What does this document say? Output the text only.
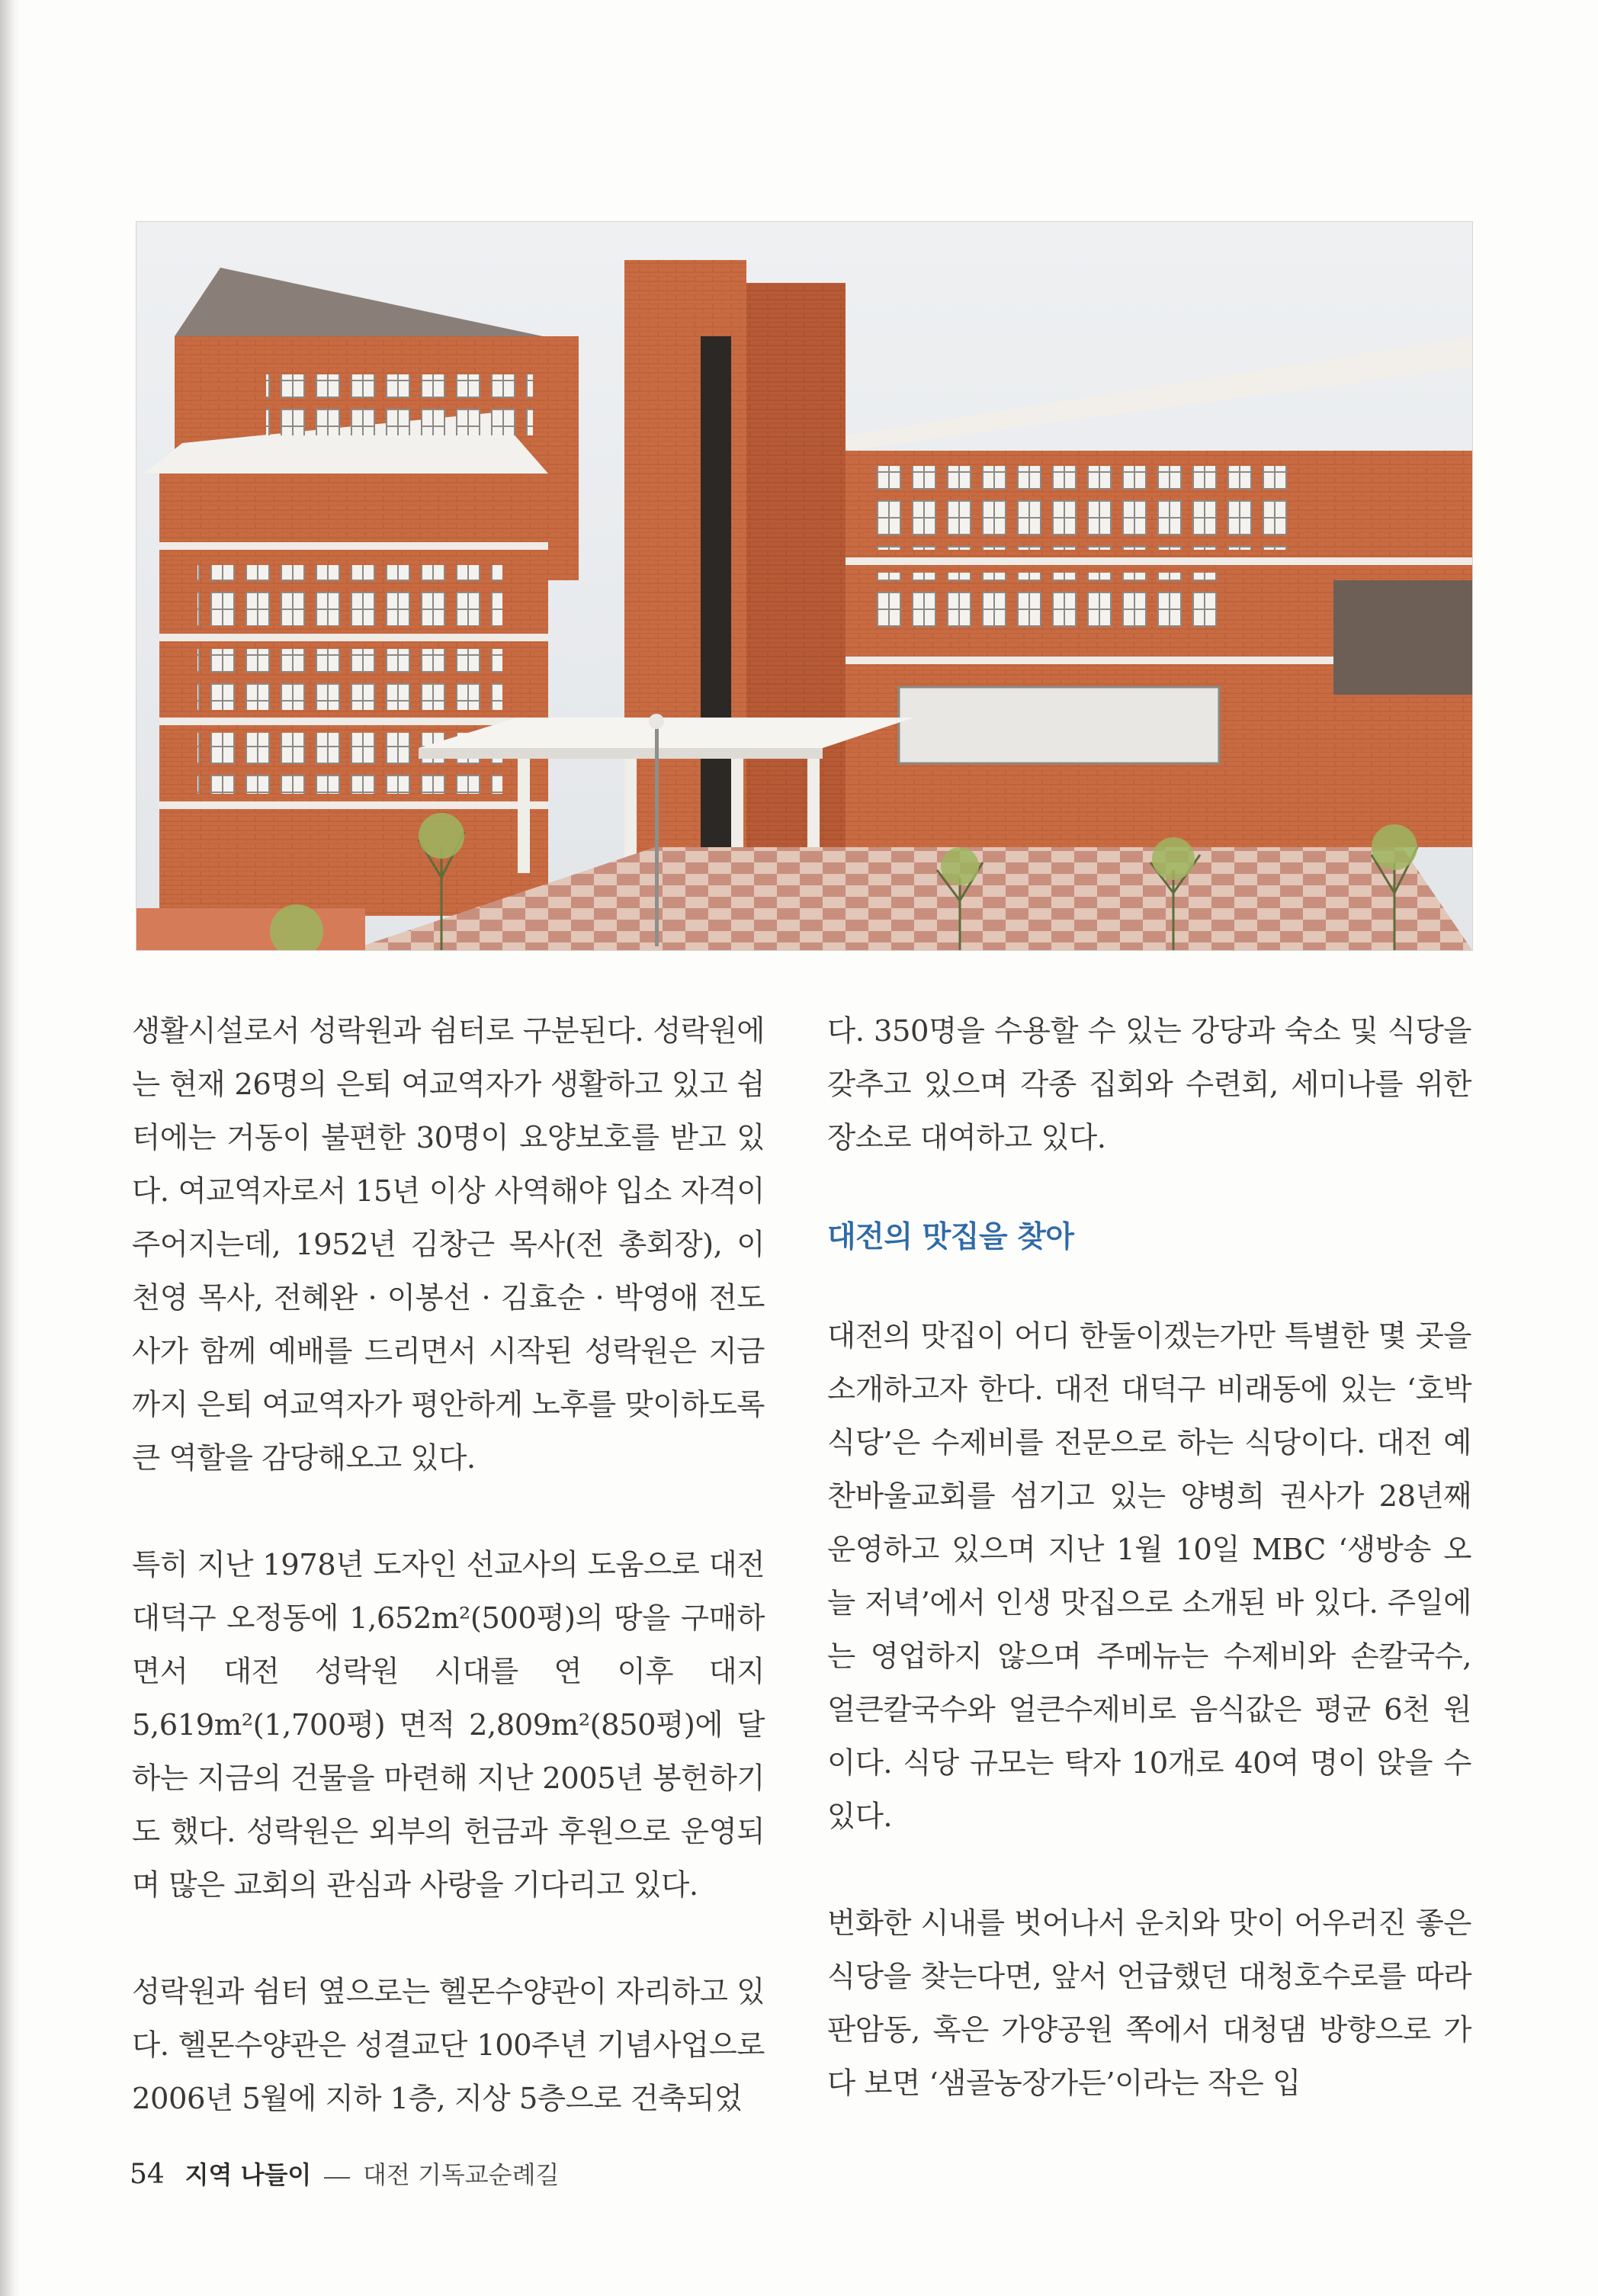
생활시설로서 성락원과 쉼터로 구분된다. 성락원에는 현재 26명의 은퇴 여교역자가 생활하고 있고 쉼터에는 거동이 불편한 30명이 요양보호를 받고 있다. 여교역자로서 15년 이상 사역해야 입소 자격이 주어지는데, 1952년 김창근 목사(전 총회장), 이천영 목사, 전혜완 · 이봉선 · 김효순 · 박영애 전도사가 함께 예배를 드리면서 시작된 성락원은 지금까지 은퇴 여교역자가 평안하게 노후를 맞이하도록 큰 역할을 감당해오고 있다.

특히 지난 1978년 도자인 선교사의 도움으로 대전 대덕구 오정동에 1,652m²(500평)의 땅을 구매하면서 대전 성락원 시대를 연 이후 대지 5,619m²(1,700평) 면적 2,809m²(850평)에 달하는 지금의 건물을 마련해 지난 2005년 봉헌하기도 했다. 성락원은 외부의 헌금과 후원으로 운영되며 많은 교회의 관심과 사랑을 기다리고 있다.

성락원과 쉼터 옆으로는 헬몬수양관이 자리하고 있다. 헬몬수양관은 성결교단 100주년 기념사업으로 2006년 5월에 지하 1층, 지상 5층으로 건축되었

다. 350명을 수용할 수 있는 강당과 숙소 및 식당을 갖추고 있으며 각종 집회와 수련회, 세미나를 위한 장소로 대여하고 있다.

대전의 맛집을 찾아

대전의 맛집이 어디 한둘이겠는가만 특별한 몇 곳을 소개하고자 한다. 대전 대덕구 비래동에 있는 ‘호박식당’은 수제비를 전문으로 하는 식당이다. 대전 예찬바울교회를 섬기고 있는 양병희 권사가 28년째 운영하고 있으며 지난 1월 10일 MBC ‘생방송 오늘 저녁’에서 인생 맛집으로 소개된 바 있다. 주일에는 영업하지 않으며 주메뉴는 수제비와 손칼국수, 얼큰칼국수와 얼큰수제비로 음식값은 평균 6천 원이다. 식당 규모는 탁자 10개로 40여 명이 앉을 수 있다.

번화한 시내를 벗어나서 운치와 맛이 어우러진 좋은 식당을 찾는다면, 앞서 언급했던 대청호수로를 따라 판암동, 혹은 가양공원 쪽에서 대청댐 방향으로 가다 보면 ‘샘골농장가든’이라는 작은 입

54 지역 나들이 대전 기독교순례길
